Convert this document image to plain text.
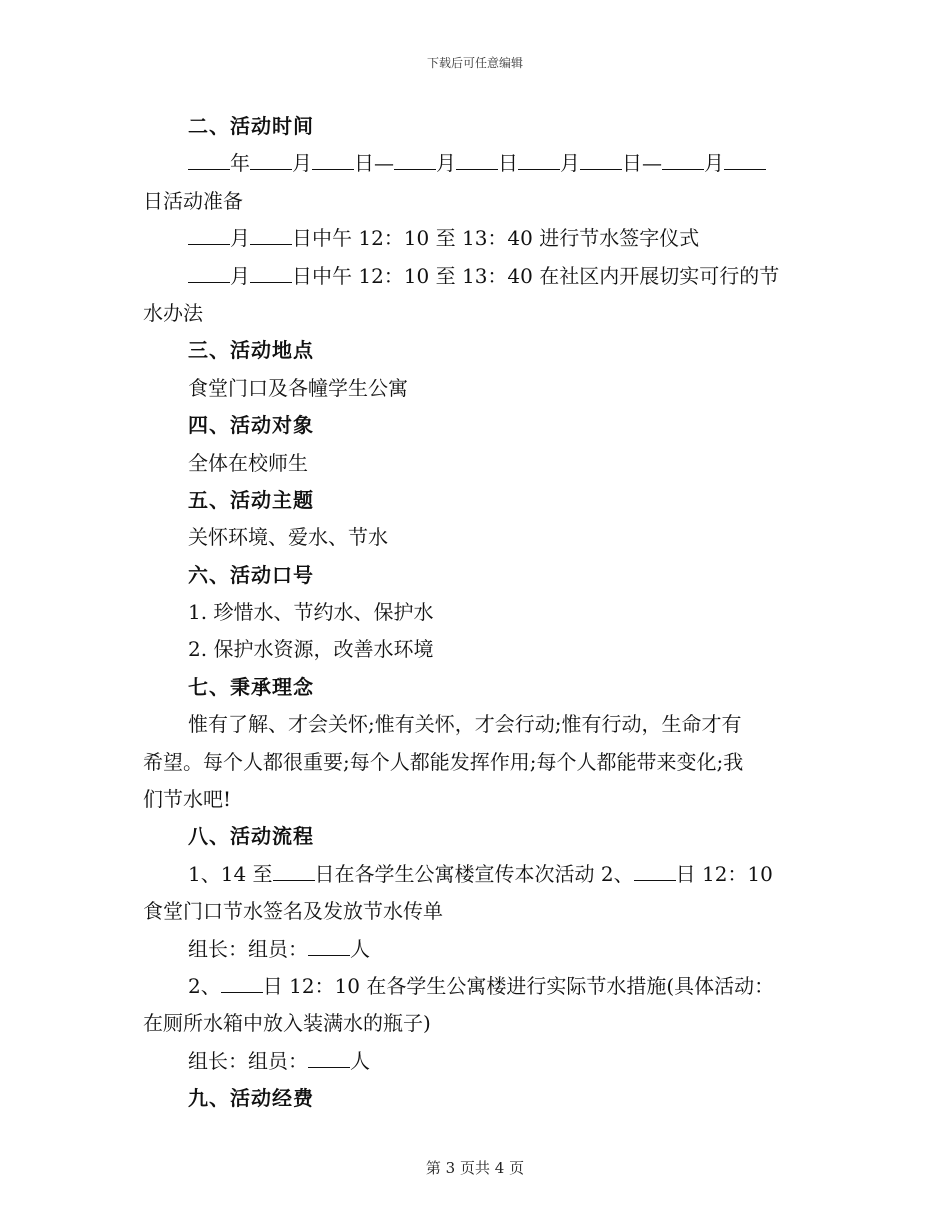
下载后可任意编辑
二、活动时间
年 月 日— 月 日 月 日— 月
日活动准备
月 日中午 12：10 至 13：40 进行节水签字仪式
月 日中午 12：10 至 13：40 在社区内开展切实可行的节
水办法
三、活动地点
食堂门口及各幢学生公寓
四、活动对象
全体在校师生
五、活动主题
关怀环境、爱水、节水
六、活动口号
1. 珍惜水、节约水、保护水
2. 保护水资源，改善水环境
七、秉承理念
惟有了解、才会关怀;惟有关怀，才会行动;惟有行动，生命才有
希望。每个人都很重要;每个人都能发挥作用;每个人都能带来变化;我
们节水吧!
八、活动流程
1、14 至 日在各学生公寓楼宣传本次活动 2、 日 12：10
食堂门口节水签名及发放节水传单
组长：组员： 人
2、 日 12：10 在各学生公寓楼进行实际节水措施(具体活动：
在厕所水箱中放入装满水的瓶子)
组长：组员： 人
九、活动经费
第 3 页共 4 页
